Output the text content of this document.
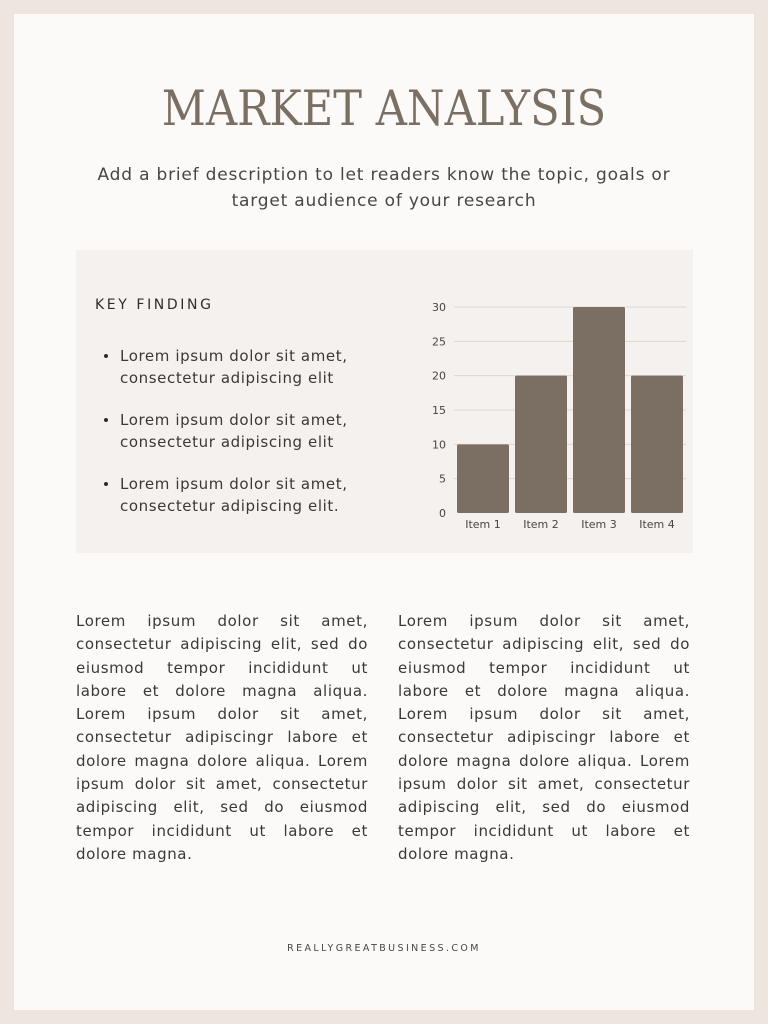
MARKET ANALYSIS

Add a brief description to let readers know the topic, goals or target audience of your research

KEY FINDING
Lorem ipsum dolor sit amet, consectetur adipiscing elit
Lorem ipsum dolor sit amet, consectetur adipiscing elit
Lorem ipsum dolor sit amet, consectetur adipiscing elit.	0
5
10
15
20
25
30
Item 1 Item 2 Item 3 Item 4

Lorem ipsum dolor sit amet, consectetur adipiscing elit, sed do eiusmod tempor incididunt ut labore et dolore magna aliqua. Lorem ipsum dolor sit amet, consectetur adipiscingr labore et dolore magna dolore aliqua. Lorem ipsum dolor sit amet, consectetur adipiscing elit, sed do eiusmod tempor incididunt ut labore et dolore magna.

Lorem ipsum dolor sit amet, consectetur adipiscing elit, sed do eiusmod tempor incididunt ut labore et dolore magna aliqua. Lorem ipsum dolor sit amet, consectetur adipiscingr labore et dolore magna dolore aliqua. Lorem ipsum dolor sit amet, consectetur adipiscing elit, sed do eiusmod tempor incididunt ut labore et dolore magna.

REALLYGREATBUSINESS.COM
